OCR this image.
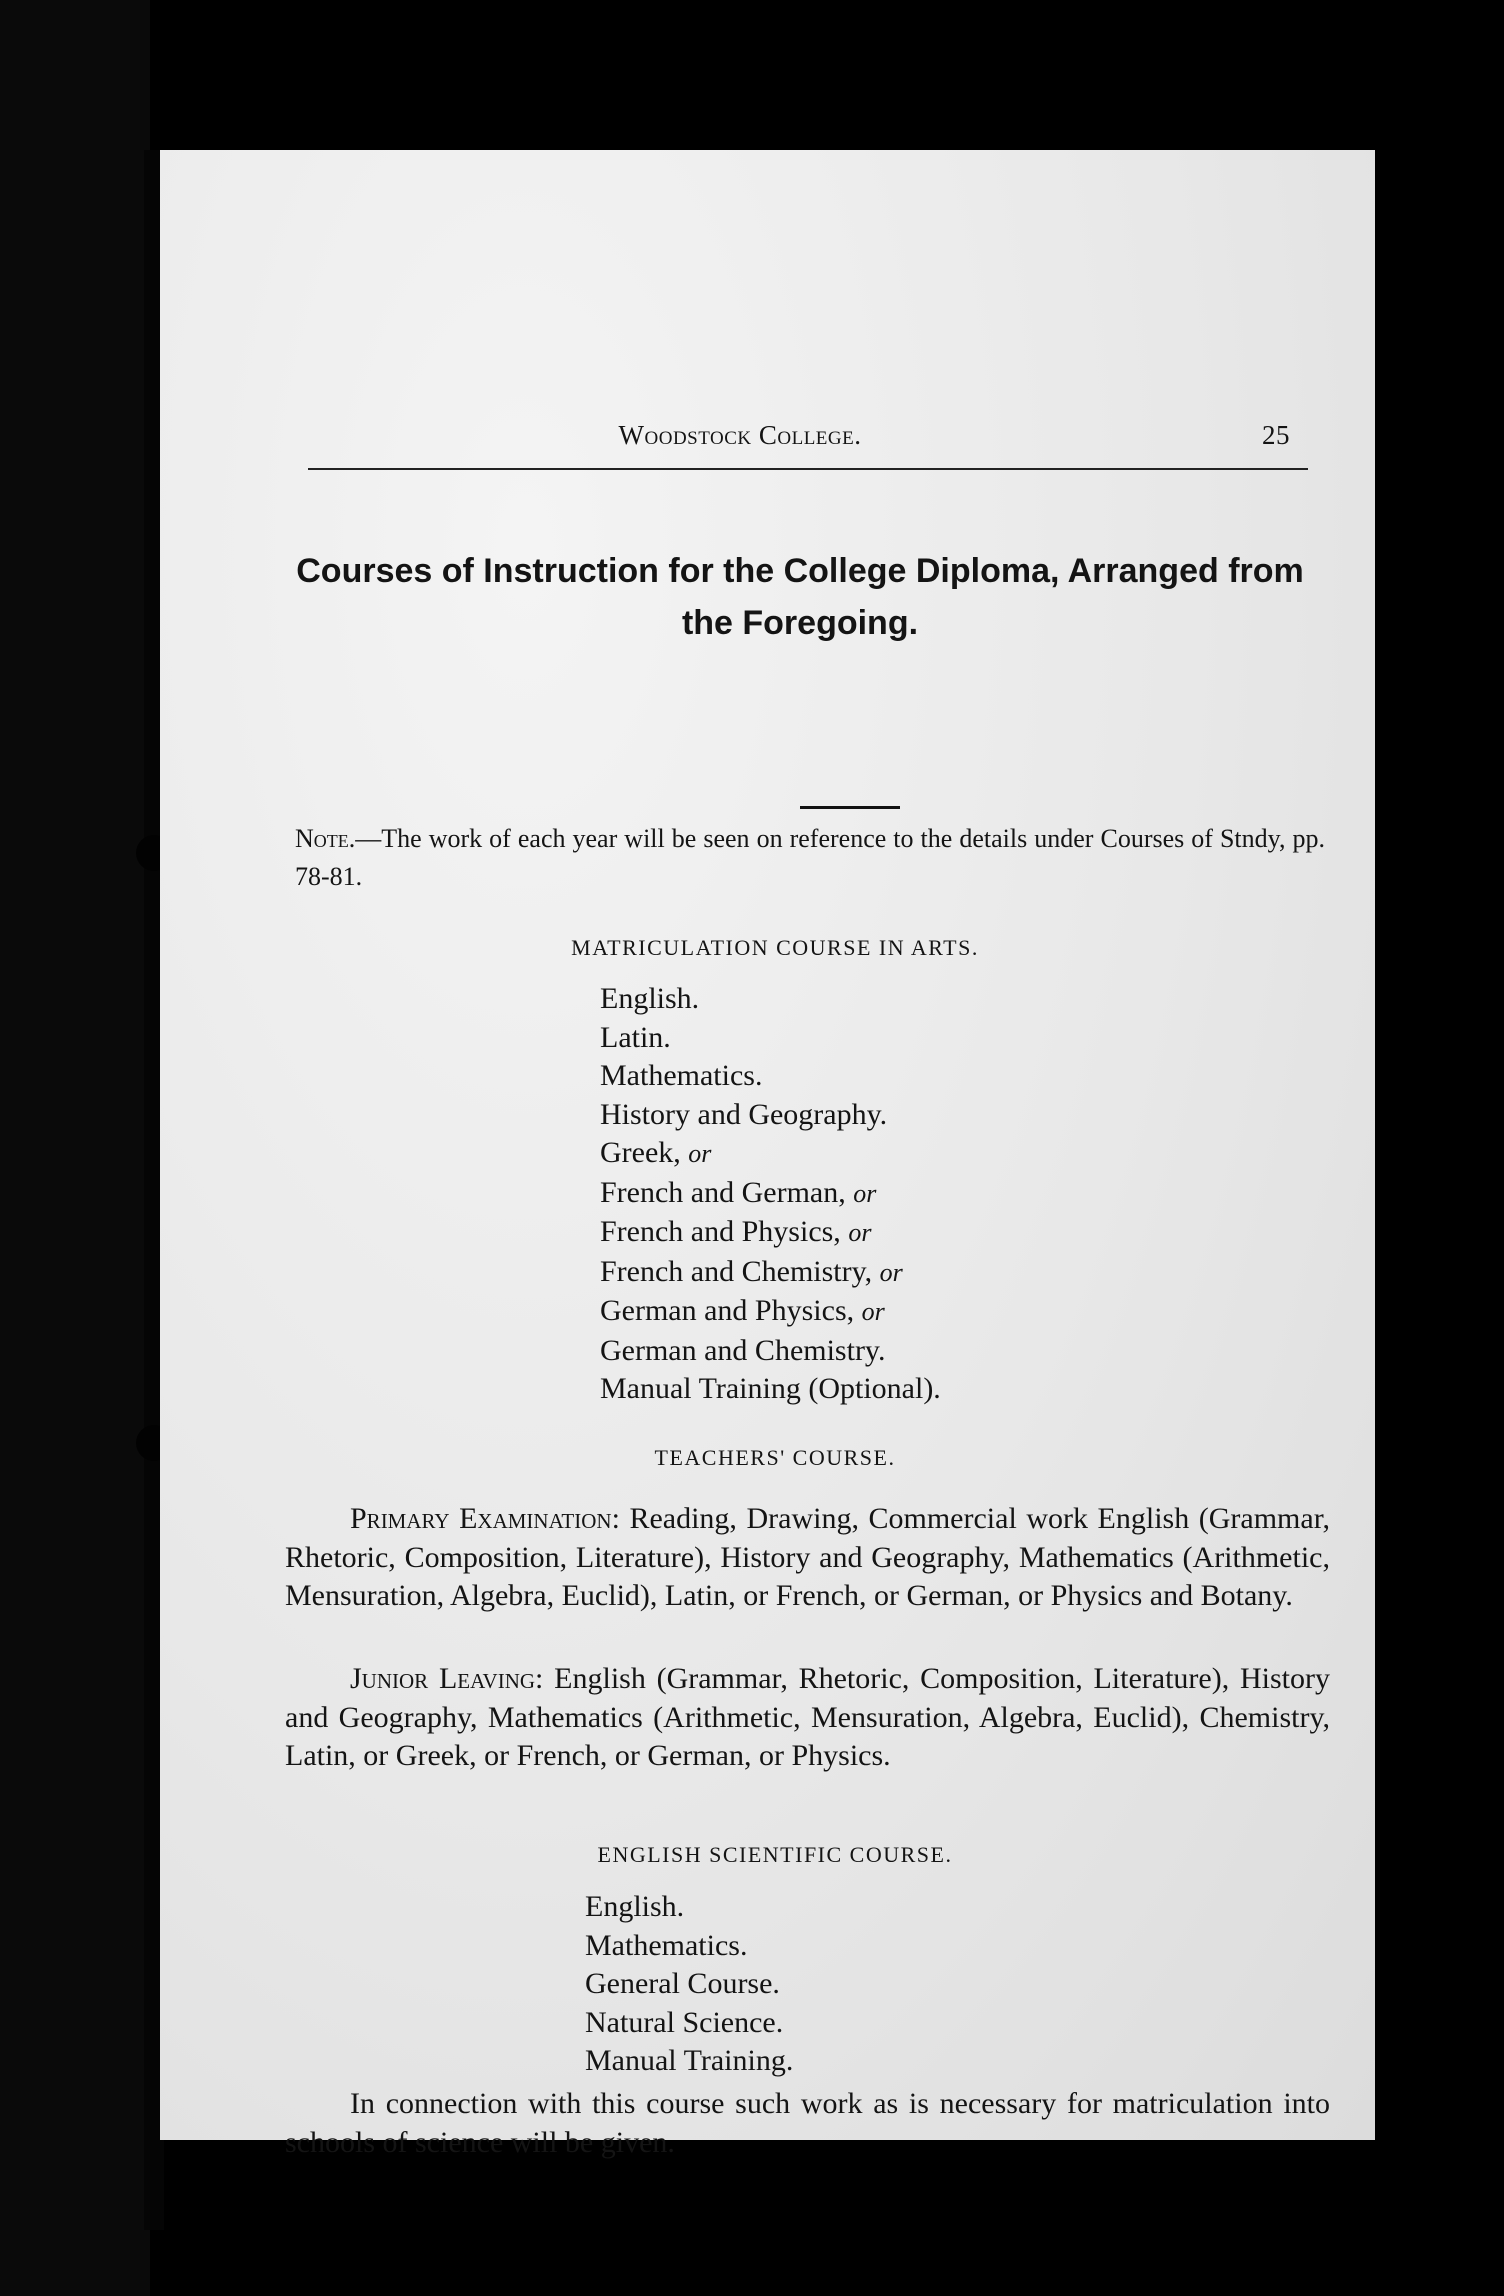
Woodstock College.	25
Courses of Instruction for the College Diploma, Arranged from the Foregoing.
Note.—The work of each year will be seen on reference to the details under Courses of Stndy, pp. 78-81.
MATRICULATION COURSE IN ARTS.
English.
Latin.
Mathematics.
History and Geography.
Greek, or
French and German, or
French and Physics, or
French and Chemistry, or
German and Physics, or
German and Chemistry.
Manual Training (Optional).
TEACHERS' COURSE.

Primary Examination: Reading, Drawing, Commercial work English (Grammar, Rhetoric, Composition, Literature), History and Geography, Mathematics (Arithmetic, Mensuration, Algebra, Euclid), Latin, or French, or German, or Physics and Botany.

Junior Leaving: English (Grammar, Rhetoric, Composition, Literature), History and Geography, Mathematics (Arithmetic, Mensuration, Algebra, Euclid), Chemistry, Latin, or Greek, or French, or German, or Physics.

ENGLISH SCIENTIFIC COURSE.
English.
Mathematics.
General Course.
Natural Science.
Manual Training.

In connection with this course such work as is necessary for matriculation into schools of science will be given.
